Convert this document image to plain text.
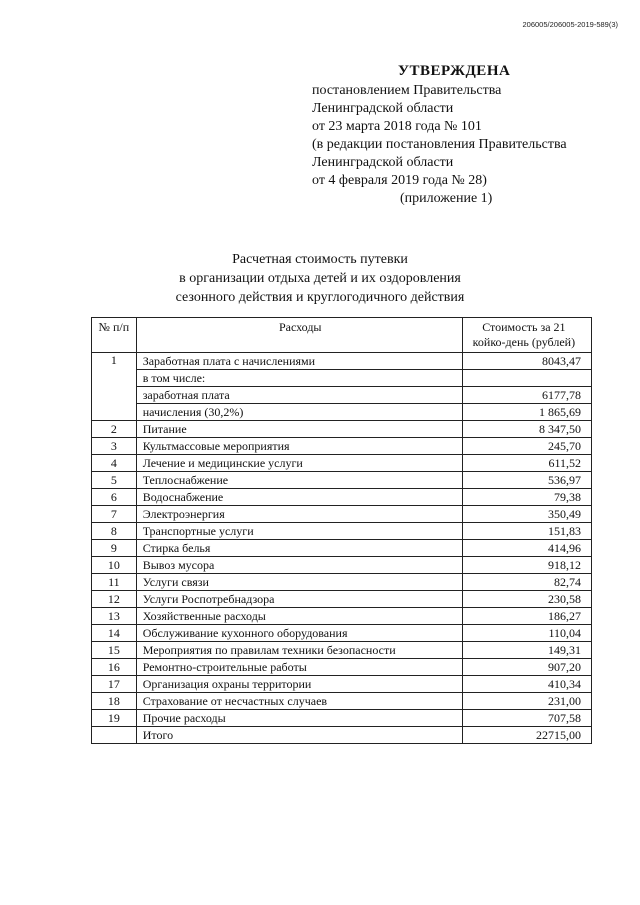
206005/206005-2019-589(3)
УТВЕРЖДЕНА
постановлением Правительства
Ленинградской области
от 23 марта 2018 года № 101
(в редакции постановления Правительства
Ленинградской области
от 4 февраля 2019 года № 28)
(приложение 1)
Расчетная стоимость путевки
в организации отдыха детей и их оздоровления
сезонного действия и круглогодичного действия
№ п/п	Расходы	Стоимость за 21 койко-день (рублей)
1	Заработная плата с начислениями	8043,47
	в том числе:	
	заработная плата	6177,78
	начисления (30,2%)	1 865,69
2	Питание	8 347,50
3	Культмассовые мероприятия	245,70
4	Лечение и медицинские услуги	611,52
5	Теплоснабжение	536,97
6	Водоснабжение	79,38
7	Электроэнергия	350,49
8	Транспортные услуги	151,83
9	Стирка белья	414,96
10	Вывоз мусора	918,12
11	Услуги связи	82,74
12	Услуги Роспотребнадзора	230,58
13	Хозяйственные расходы	186,27
14	Обслуживание кухонного оборудования	110,04
15	Мероприятия по правилам техники безопасности	149,31
16	Ремонтно-строительные работы	907,20
17	Организация охраны территории	410,34
18	Страхование от несчастных случаев	231,00
19	Прочие расходы	707,58
	Итого	22715,00
